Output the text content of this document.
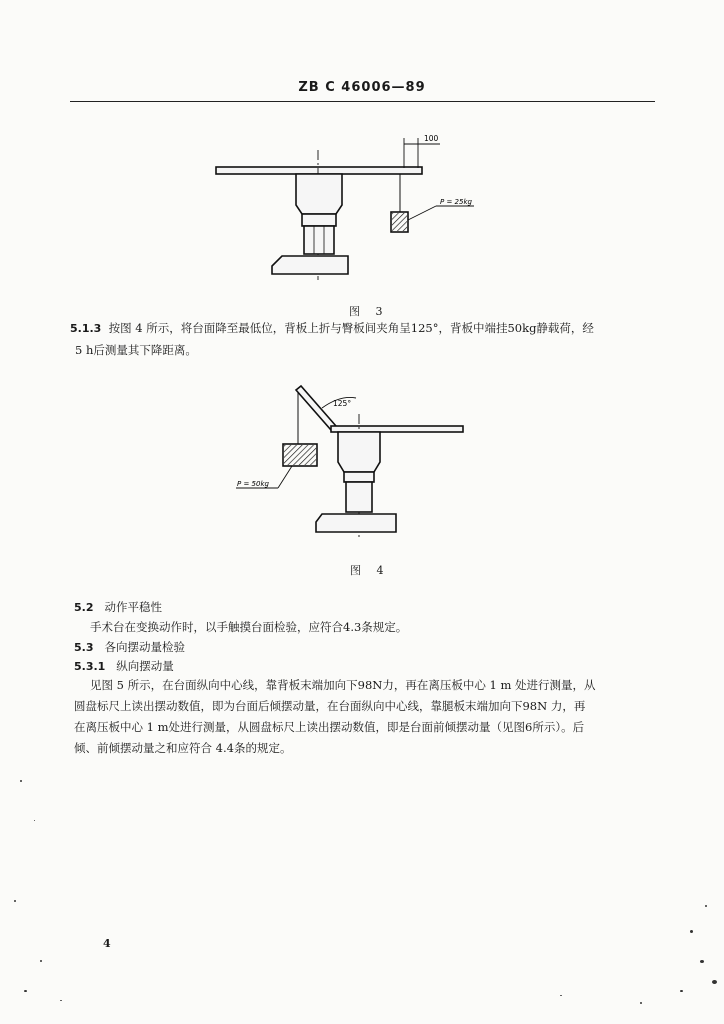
ZB C 46006—89
100
P = 25kg
图 3
5.1.3 按图 4 所示，将台面降至最低位，背板上折与臀板间夹角呈125°，背板中端挂50kg静载荷，经
5 h后测量其下降距离。
125°
P = 50kg
图 4
5.2 动作平稳性
手术台在变换动作时，以手触摸台面检验，应符合4.3条规定。
5.3 各向摆动量检验
5.3.1 纵向摆动量
见图 5 所示，在台面纵向中心线，靠背板末端加向下98N力，再在离压板中心 1 m 处进行测量，从
圆盘标尺上读出摆动数值，即为台面后倾摆动量，在台面纵向中心线，靠腿板末端加向下98N 力，再
在离压板中心 1 m处进行测量，从圆盘标尺上读出摆动数值，即是台面前倾摆动量（见图6所示）。后
倾、前倾摆动量之和应符合 4.4条的规定。
4
